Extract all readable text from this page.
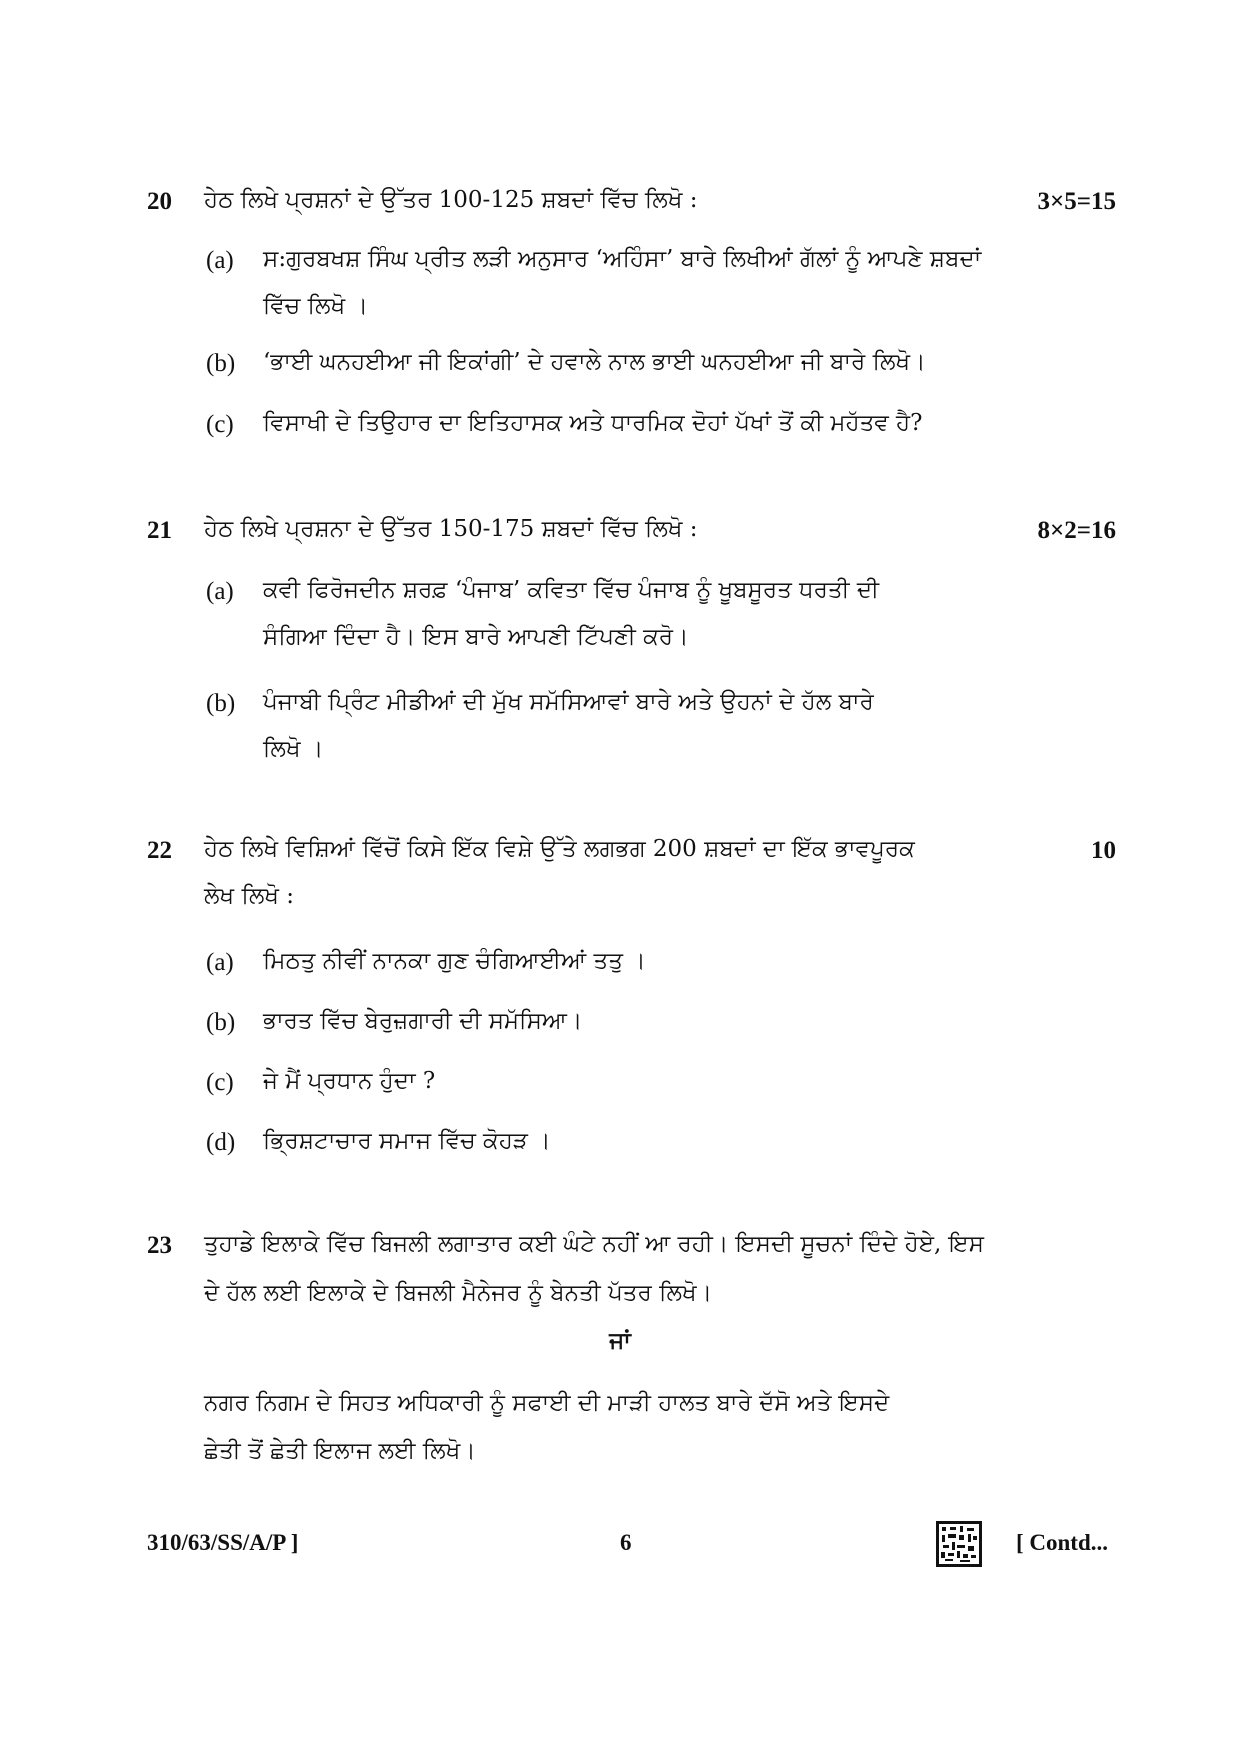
20 ਹੇਠ ਲਿਖੇ ਪ੍ਰਸ਼ਨਾਂ ਦੇ ਉੱਤਰ 100-125 ਸ਼ਬਦਾਂ ਵਿੱਚ ਲਿਖੋ :	3×5=15
(a) ਸ:ਗੁਰਬਖਸ਼ ਸਿੰਘ ਪ੍ਰੀਤ ਲੜੀ ਅਨੁਸਾਰ ‘ਅਹਿੰਸਾ’ ਬਾਰੇ ਲਿਖੀਆਂ ਗੱਲਾਂ ਨੂੰ ਆਪਣੇ ਸ਼ਬਦਾਂ
ਵਿੱਚ ਲਿਖੋ ।
(b) ‘ਭਾਈ ਘਨਹਈਆ ਜੀ ਇਕਾਂਗੀ’ ਦੇ ਹਵਾਲੇ ਨਾਲ ਭਾਈ ਘਨਹਈਆ ਜੀ ਬਾਰੇ ਲਿਖੋ।
(c) ਵਿਸਾਖੀ ਦੇ ਤਿਉਹਾਰ ਦਾ ਇਤਿਹਾਸਕ ਅਤੇ ਧਾਰਮਿਕ ਦੋਹਾਂ ਪੱਖਾਂ ਤੋਂ ਕੀ ਮਹੱਤਵ ਹੈ?
21 ਹੇਠ ਲਿਖੇ ਪ੍ਰਸ਼ਨਾ ਦੇ ਉੱਤਰ 150-175 ਸ਼ਬਦਾਂ ਵਿੱਚ ਲਿਖੋ :	8×2=16
(a) ਕਵੀ ਫਿਰੋਜਦੀਨ ਸ਼ਰਫ਼ ‘ਪੰਜਾਬ’ ਕਵਿਤਾ ਵਿੱਚ ਪੰਜਾਬ ਨੂੰ ਖੂਬਸੂਰਤ ਧਰਤੀ ਦੀ
ਸੰਗਿਆ ਦਿੰਦਾ ਹੈ। ਇਸ ਬਾਰੇ ਆਪਣੀ ਟਿੱਪਣੀ ਕਰੋ।
(b) ਪੰਜਾਬੀ ਪ੍ਰਿੰਟ ਮੀਡੀਆਂ ਦੀ ਮੁੱਖ ਸਮੱਸਿਆਵਾਂ ਬਾਰੇ ਅਤੇ ਉਹਨਾਂ ਦੇ ਹੱਲ ਬਾਰੇ
ਲਿਖੋ ।
22 ਹੇਠ ਲਿਖੇ ਵਿਸ਼ਿਆਂ ਵਿੱਚੋਂ ਕਿਸੇ ਇੱਕ ਵਿਸ਼ੇ ਉੱਤੇ ਲਗਭਗ 200 ਸ਼ਬਦਾਂ ਦਾ ਇੱਕ ਭਾਵਪੂਰਕ
ਲੇਖ ਲਿਖੋ :
10
(a) ਮਿਠਤੁ ਨੀਵੀਂ ਨਾਨਕਾ ਗੁਣ ਚੰਗਿਆਈਆਂ ਤਤੁ ।
(b) ਭਾਰਤ ਵਿੱਚ ਬੇਰੁਜ਼ਗਾਰੀ ਦੀ ਸਮੱਸਿਆ।
(c) ਜੇ ਮੈਂ ਪ੍ਰਧਾਨ ਹੁੰਦਾ ?
(d) ਭ੍ਰਿਸ਼ਟਾਚਾਰ ਸਮਾਜ ਵਿੱਚ ਕੋਹੜ ।
23 ਤੁਹਾਡੇ ਇਲਾਕੇ ਵਿੱਚ ਬਿਜਲੀ ਲਗਾਤਾਰ ਕਈ ਘੰਟੇ ਨਹੀਂ ਆ ਰਹੀ। ਇਸਦੀ ਸੂਚਨਾਂ ਦਿੰਦੇ ਹੋਏ, ਇਸ
ਦੇ ਹੱਲ ਲਈ ਇਲਾਕੇ ਦੇ ਬਿਜਲੀ ਮੈਨੇਜਰ ਨੂੰ ਬੇਨਤੀ ਪੱਤਰ ਲਿਖੋ।
ਜਾਂ
ਨਗਰ ਨਿਗਮ ਦੇ ਸਿਹਤ ਅਧਿਕਾਰੀ ਨੂੰ ਸਫਾਈ ਦੀ ਮਾੜੀ ਹਾਲਤ ਬਾਰੇ ਦੱਸੋ ਅਤੇ ਇਸਦੇ
ਛੇਤੀ ਤੋਂ ਛੇਤੀ ਇਲਾਜ ਲਈ ਲਿਖੋ।
310/63/SS/A/P ]	6	[ Contd...
